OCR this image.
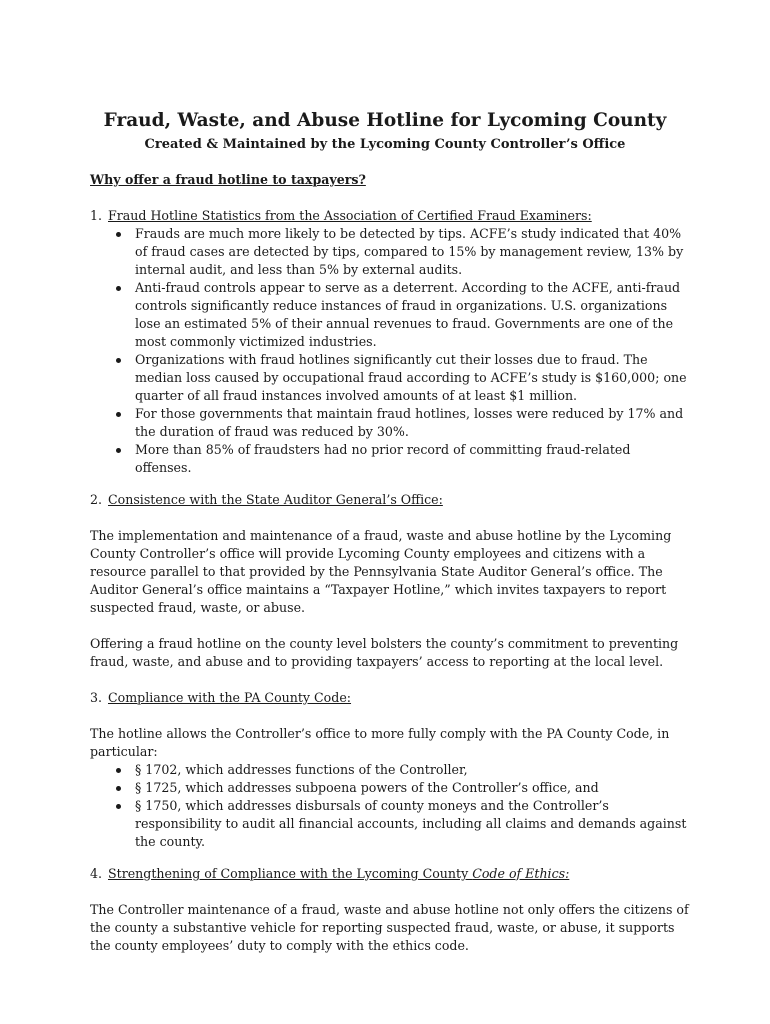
Fraud, Waste, and Abuse Hotline for Lycoming County
Created & Maintained by the Lycoming County Controller’s Office
Why offer a fraud hotline to taxpayers?
1. Fraud Hotline Statistics from the Association of Certified Fraud Examiners:
Frauds are much more likely to be detected by tips. ACFE’s study indicated that 40% of fraud cases are detected by tips, compared to 15% by management review, 13% by internal audit, and less than 5% by external audits.
Anti-fraud controls appear to serve as a deterrent. According to the ACFE, anti-fraud controls significantly reduce instances of fraud in organizations. U.S. organizations lose an estimated 5% of their annual revenues to fraud. Governments are one of the most commonly victimized industries.
Organizations with fraud hotlines significantly cut their losses due to fraud. The median loss caused by occupational fraud according to ACFE’s study is $160,000; one quarter of all fraud instances involved amounts of at least $1 million.
For those governments that maintain fraud hotlines, losses were reduced by 17% and the duration of fraud was reduced by 30%.
More than 85% of fraudsters had no prior record of committing fraud-related offenses.
2. Consistence with the State Auditor General’s Office:

The implementation and maintenance of a fraud, waste and abuse hotline by the Lycoming County Controller’s office will provide Lycoming County employees and citizens with a resource parallel to that provided by the Pennsylvania State Auditor General’s office. The Auditor General’s office maintains a “Taxpayer Hotline,” which invites taxpayers to report suspected fraud, waste, or abuse.

Offering a fraud hotline on the county level bolsters the county’s commitment to preventing fraud, waste, and abuse and to providing taxpayers’ access to reporting at the local level.

3. Compliance with the PA County Code:

The hotline allows the Controller’s office to more fully comply with the PA County Code, in particular:

§ 1702, which addresses functions of the Controller,
§ 1725, which addresses subpoena powers of the Controller’s office, and
§ 1750, which addresses disbursals of county moneys and the Controller’s responsibility to audit all financial accounts, including all claims and demands against the county.
4. Strengthening of Compliance with the Lycoming County Code of Ethics:

The Controller maintenance of a fraud, waste and abuse hotline not only offers the citizens of the county a substantive vehicle for reporting suspected fraud, waste, or abuse, it supports the county employees’ duty to comply with the ethics code.
